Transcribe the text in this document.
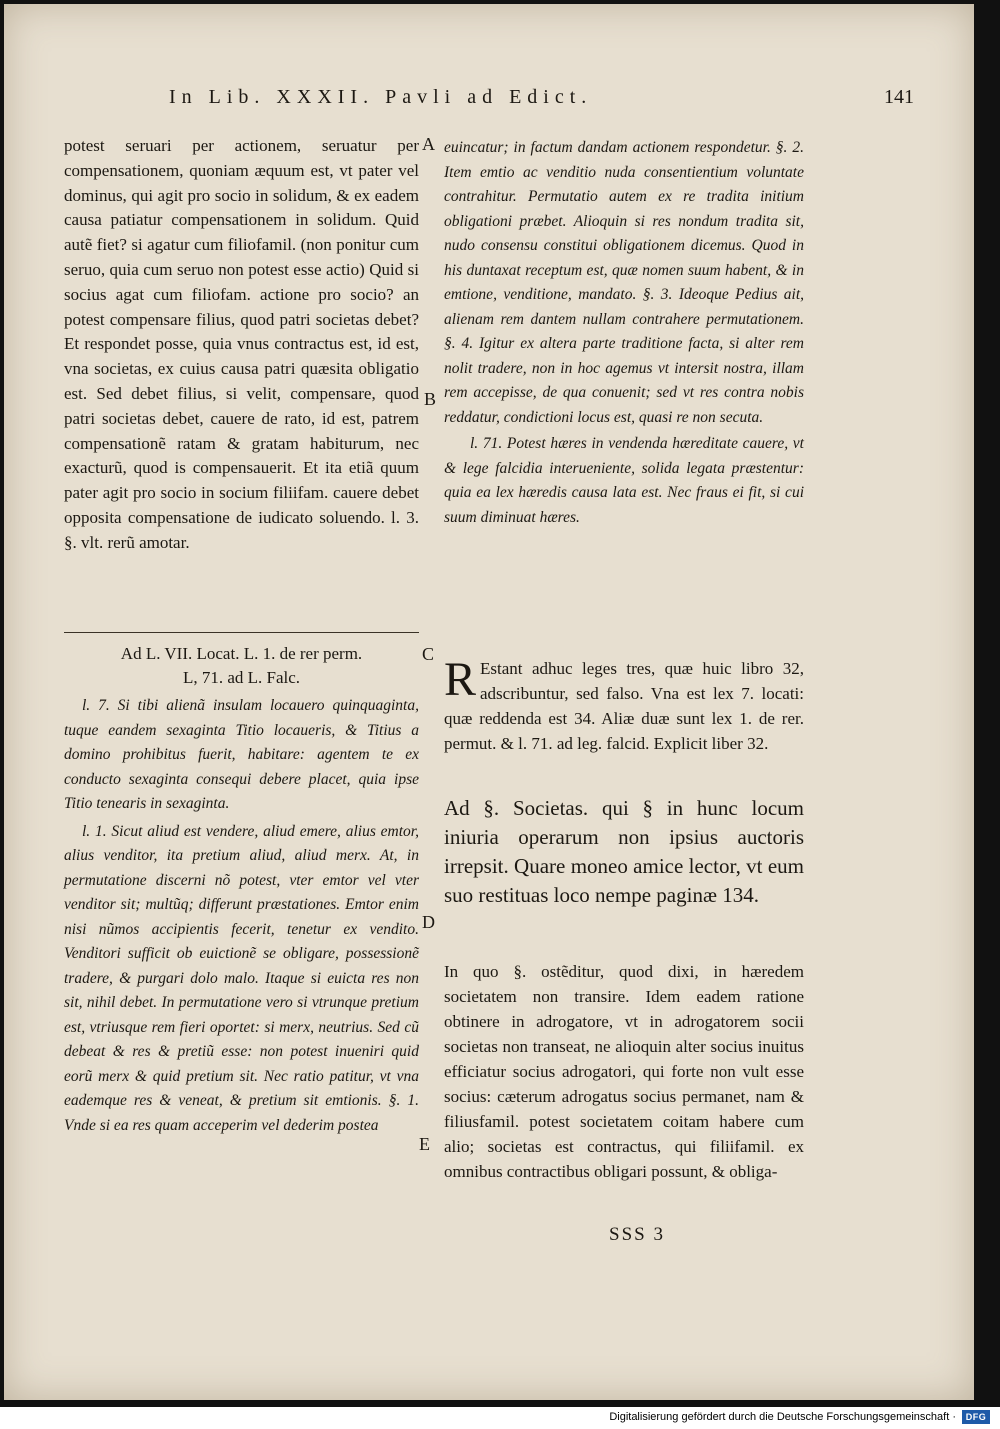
In Lib. XXXII. Pavli ad Edict.	141

potest seruari per actionem, seruatur per compensationem, quoniam æquum est, vt pater vel dominus, qui agit pro socio in solidum, & ex eadem causa patiatur compensationem in solidum. Quid autẽ fiet? si agatur cum filiofamil. (non ponitur cum seruo, quia cum seruo non potest esse actio) Quid si socius agat cum filiofam. actione pro socio? an potest compensare filius, quod patri societas debet? Et respondet posse, quia vnus contractus est, id est, vna societas, ex cuius causa patri quæsita obligatio est. Sed debet filius, si velit, compensare, quod patri societas debet, cauere de rato, id est, patrem compensationẽ ratam & gratam habiturum, nec exacturũ, quod is compensauerit. Et ita etiã quum pater agit pro socio in socium filiifam. cauere debet opposita compensatione de iudicato soluendo. l. 3. §. vlt. rerũ amotar.

Ad L. VII. Locat. L. 1. de rer perm.
L, 71. ad L. Falc.

l. 7. Si tibi alienã insulam locauero quinquaginta, tuque eandem sexaginta Titio locaueris, & Titius a domino prohibitus fuerit, habitare: agentem te ex conducto sexaginta consequi debere placet, quia ipse Titio tenearis in sexaginta.

l. 1. Sicut aliud est vendere, aliud emere, alius emtor, alius venditor, ita pretium aliud, aliud merx. At, in permutatione discerni nõ potest, vter emtor vel vter venditor sit; multũq; differunt præstationes. Emtor enim nisi nũmos accipientis fecerit, tenetur ex vendito. Venditori sufficit ob euictionẽ se obligare, possessionẽ tradere, & purgari dolo malo. Itaque si euicta res non sit, nihil debet. In permutatione vero si vtrunque pretium est, vtriusque rem fieri oportet: si merx, neutrius. Sed cũ debeat & res & pretiũ esse: non potest inueniri quid eorũ merx & quid pretium sit. Nec ratio patitur, vt vna eademque res & veneat, & pretium sit emtionis. §. 1. Vnde si ea res quam acceperim vel dederim postea

A
B
C
D
E

euincatur; in factum dandam actionem respondetur. §. 2. Item emtio ac venditio nuda consentientium voluntate contrahitur. Permutatio autem ex re tradita initium obligationi præbet. Alioquin si res nondum tradita sit, nudo consensu constitui obligationem dicemus. Quod in his duntaxat receptum est, quæ nomen suum habent, & in emtione, venditione, mandato. §. 3. Ideoque Pedius ait, alienam rem dantem nullam contrahere permutationem. §. 4. Igitur ex altera parte traditione facta, si alter rem nolit tradere, non in hoc agemus vt intersit nostra, illam rem accepisse, de qua conuenit; sed vt res contra nobis reddatur, condictioni locus est, quasi re non secuta.

l. 71. Potest hæres in vendenda hæreditate cauere, vt & lege falcidia interueniente, solida legata præstentur: quia ea lex hæredis causa lata est. Nec fraus ei fit, si cui suum diminuat hæres.

R Estant adhuc leges tres, quæ huic libro 32, adscribuntur, sed falso. Vna est lex 7. locati: quæ reddenda est 34. Aliæ duæ sunt lex 1. de rer. permut. & l. 71. ad leg. falcid. Explicit liber 32.

Ad §. Societas. qui § in hunc locum iniuria operarum non ipsius auctoris irrepsit. Quare moneo amice lector, vt eum suo restituas loco nempe paginæ 134.

In quo §. ostẽditur, quod dixi, in hæredem societatem non transire. Idem eadem ratione obtinere in adrogatore, vt in adrogatorem socii societas non transeat, ne alioquin alter socius inuitus efficiatur socius adrogatori, qui forte non vult esse socius: cæterum adrogatus socius permanet, nam & filiusfamil. potest societatem coitam habere cum alio; societas est contractus, qui filiifamil. ex omnibus contractibus obligari possunt, & obliga-

SSS 3
Digitalisierung gefördert durch die Deutsche Forschungsgemeinschaft ·	DFG
